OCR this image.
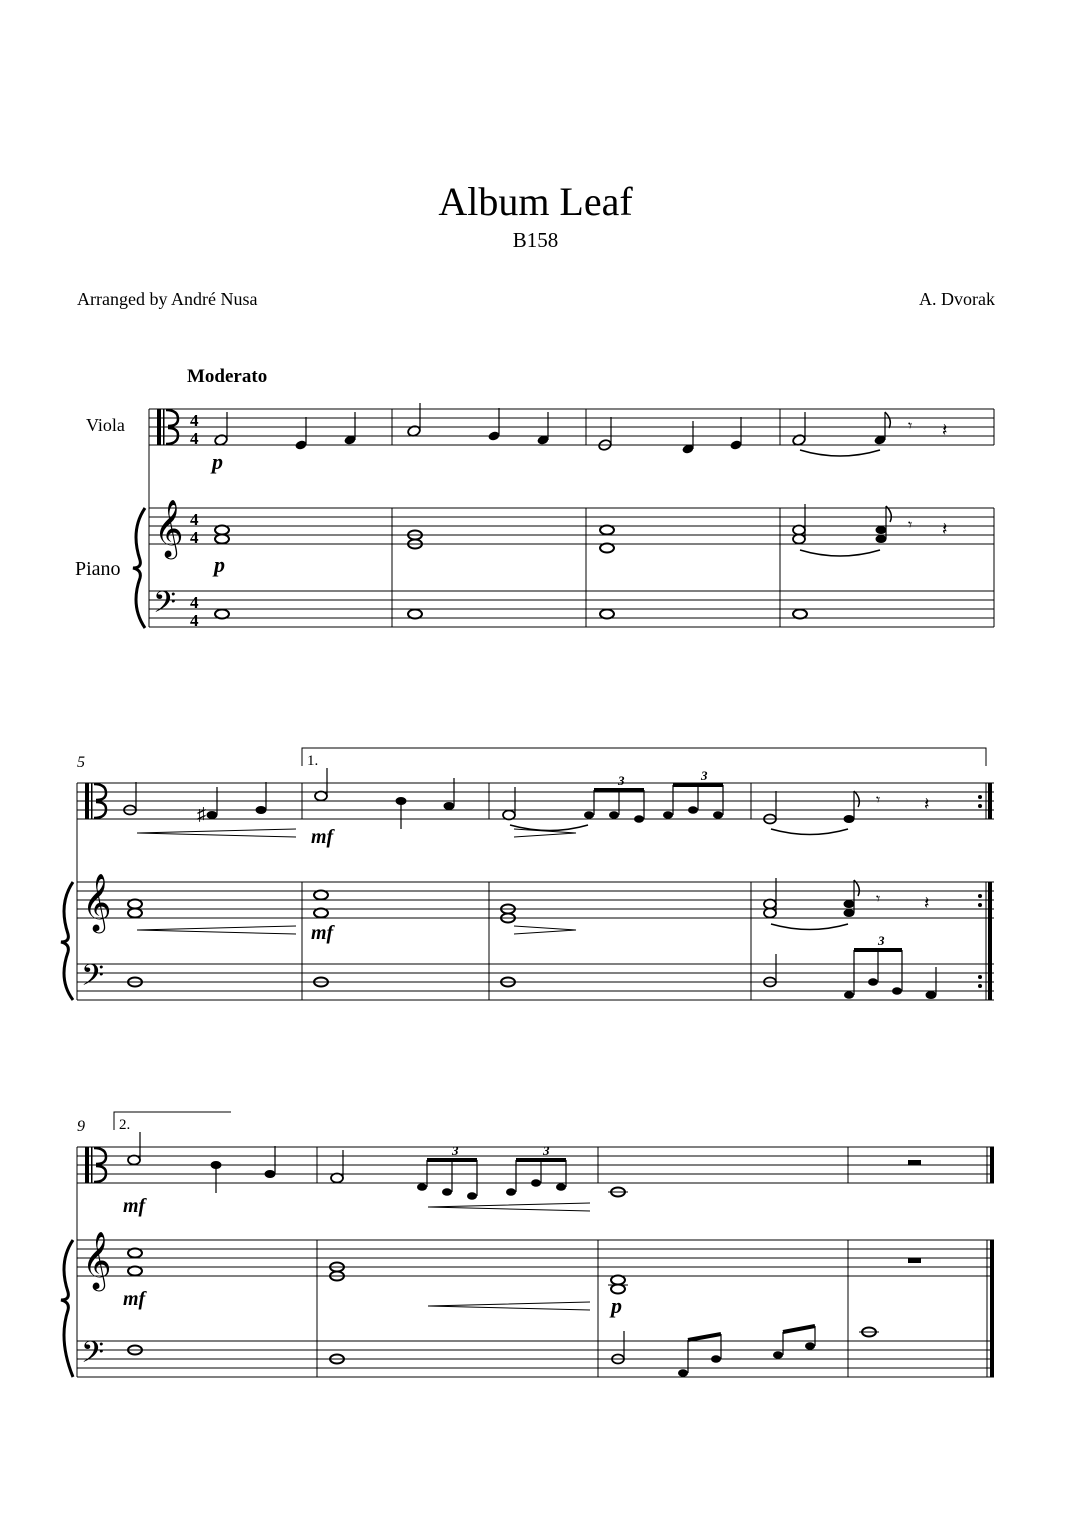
Album Leaf
B158
Arranged by André Nusa	A. Dvorak
Moderato
Viola
Piano
4
4
p
𝄾 𝄽
𝄞 4
4
𝄾 𝄽
p
𝄢 4
4
5	1.
♯
mf
3	3
𝄾 𝄽
𝄞	𝄾 𝄽
mf
𝄢
3
9 2.
mf
3	3
𝄞
mf	p
𝄢
